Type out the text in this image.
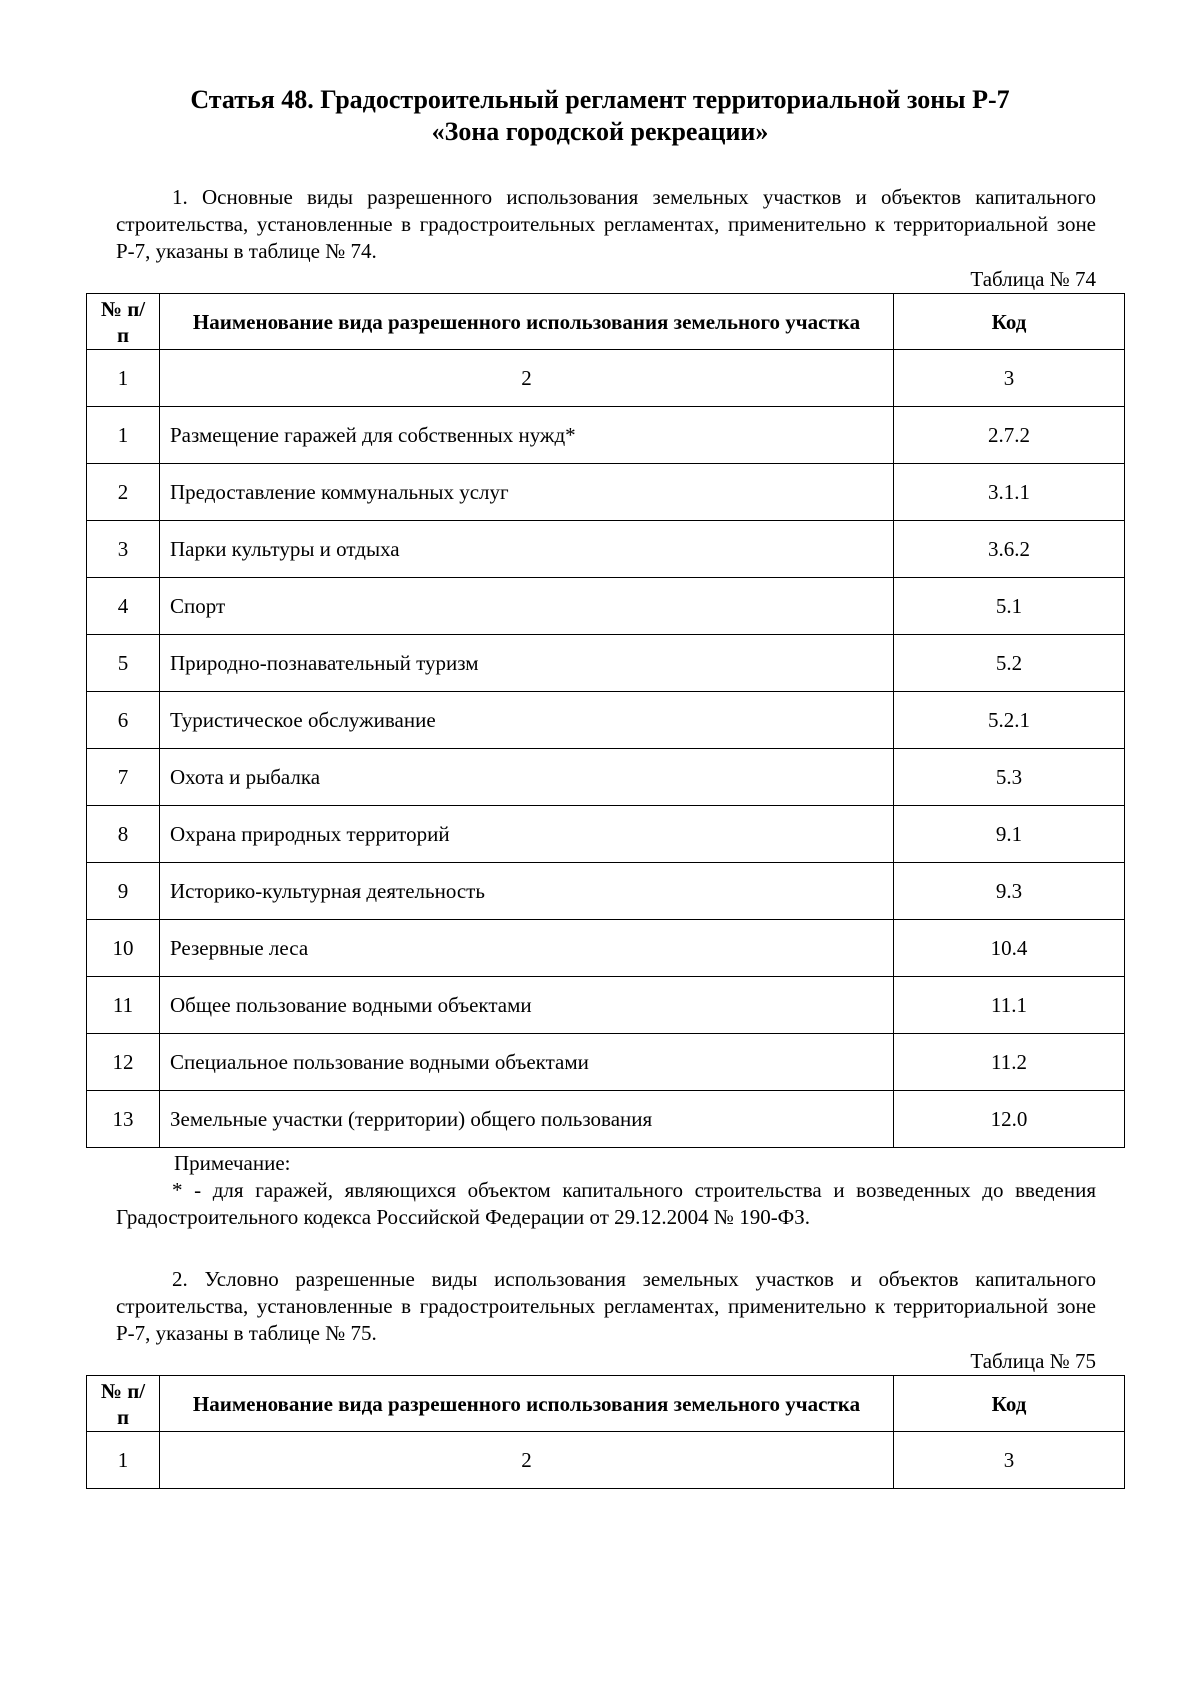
Статья 48. Градостроительный регламент территориальной зоны Р-7
«Зона городской рекреации»
1. Основные виды разрешенного использования земельных участков и объектов капитального строительства, установленные в градостроительных регламентах, применительно к территориальной зоне Р-7, указаны в таблице № 74.
Таблица № 74
№ п/п	Наименование вида разрешенного использования земельного участка	Код
1	2	3
1	Размещение гаражей для собственных нужд*	2.7.2
2	Предоставление коммунальных услуг	3.1.1
3	Парки культуры и отдыха	3.6.2
4	Спорт	5.1
5	Природно-познавательный туризм	5.2
6	Туристическое обслуживание	5.2.1
7	Охота и рыбалка	5.3
8	Охрана природных территорий	9.1
9	Историко-культурная деятельность	9.3
10	Резервные леса	10.4
11	Общее пользование водными объектами	11.1
12	Специальное пользование водными объектами	11.2
13	Земельные участки (территории) общего пользования	12.0
Примечание:
* - для гаражей, являющихся объектом капитального строительства и возведенных до введения Градостроительного кодекса Российской Федерации от 29.12.2004 № 190-ФЗ.
2. Условно разрешенные виды использования земельных участков и объектов капитального строительства, установленные в градостроительных регламентах, применительно к территориальной зоне Р-7, указаны в таблице № 75.
Таблица № 75
№ п/п	Наименование вида разрешенного использования земельного участка	Код
1	2	3
